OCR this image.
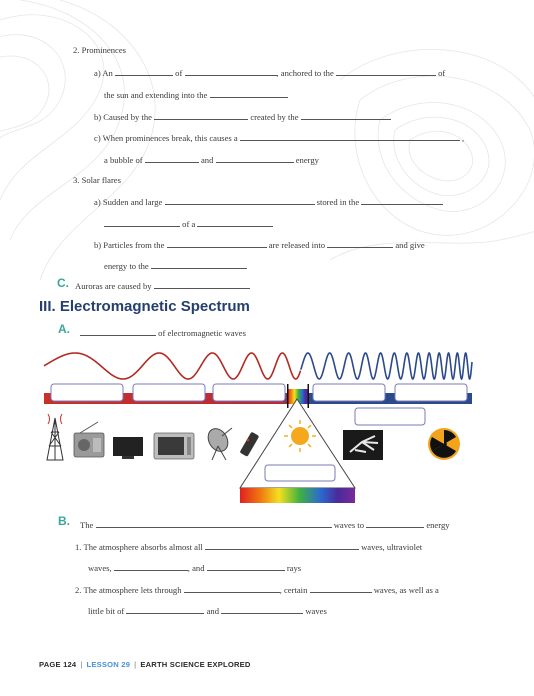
2. Prominences
a) An	of	, anchored to the	of
the sun and extending into the
b) Caused by the	created by the
c) When prominences break, this causes a	,
a bubble of	and	energy
3. Solar flares
a) Sudden and large	stored in the
of a
b) Particles from the	are released into	and give
energy to the
C. Auroras are caused by
III. Electromagnetic Spectrum
A.	of electromagnetic waves
B. The	waves to	energy
1. The atmosphere absorbs almost all	waves, ultraviolet
waves,	, and	rays
2. The atmosphere lets through	, certain	waves, as well as a
little bit of	and	waves
PAGE 124 | LESSON 29 | EARTH SCIENCE EXPLORED
